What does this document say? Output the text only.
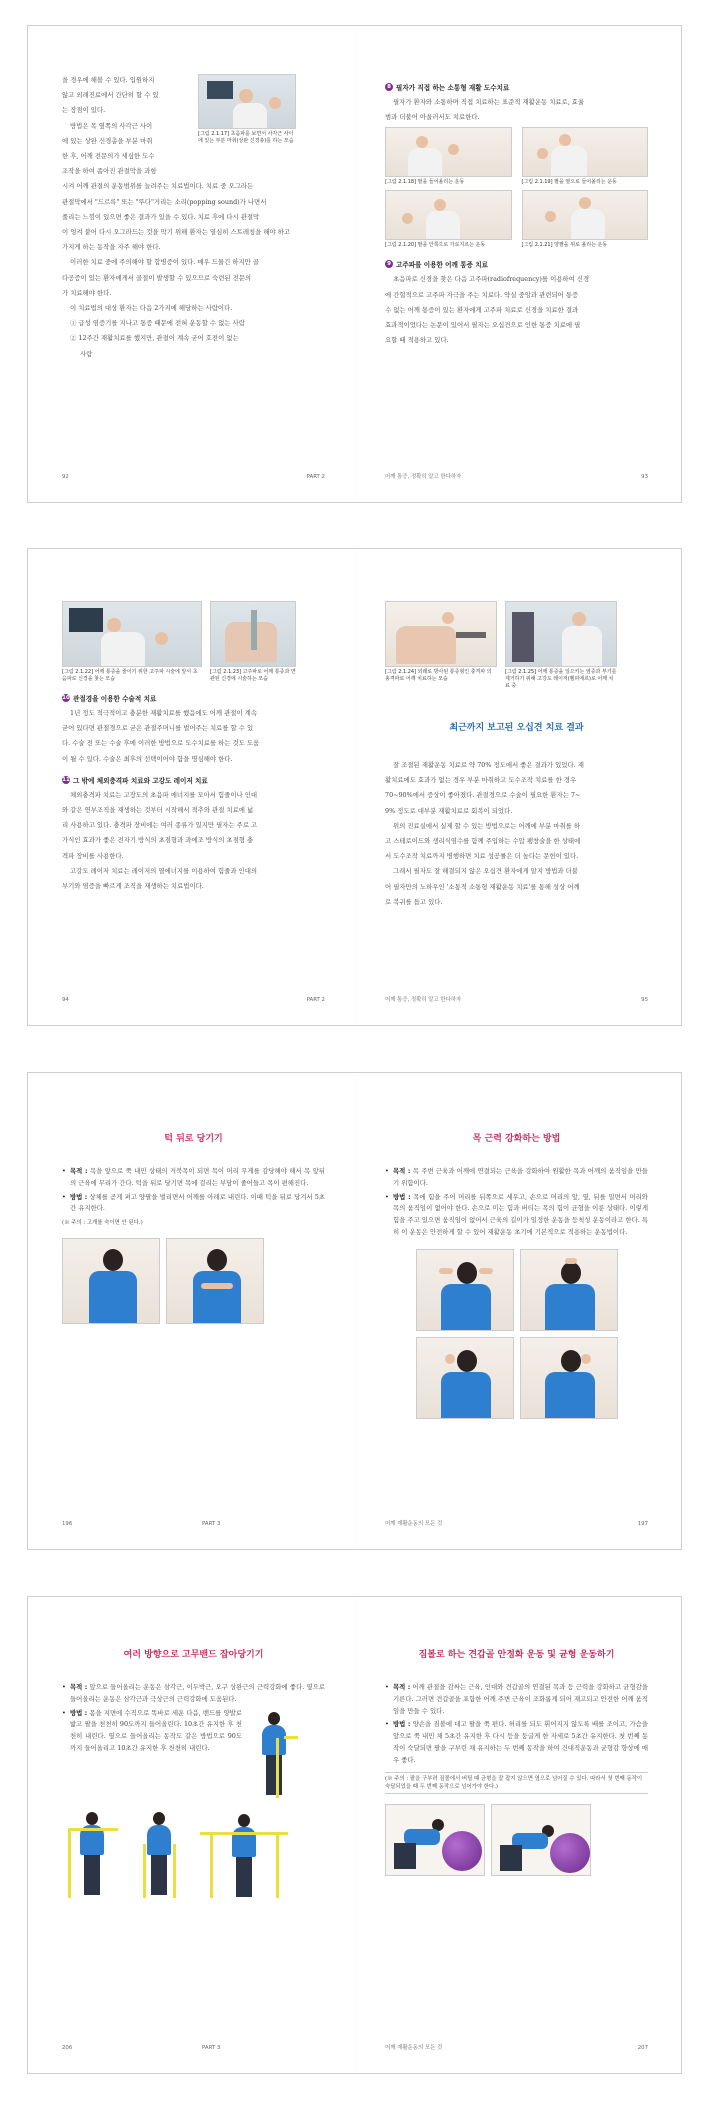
을 경우에 해볼 수 있다. 입원하지

않고 외래진료에서 간단히 할 수 있

는 장점이 있다.

방법은 목 옆쪽의 사각근 사이

에 있는 상완 신경총을 부분 마취

한 후, 어깨 전문의가 세심한 도수

조작을 하여 좁아진 관절막을 과항

[그림 2.1.17] 초음파를 보면서 사각근 사이에 있는 부분 마취(상완 신경총)를 하는 모습

시켜 어깨 관절의 운동범위를 늘려주는 치료법이다. 치료 중 오그라든

관절막에서 "드르륵" 또는 "뚜다"거리는 소리(popping sound)가 나면서

풀리는 느낌이 있으면 좋은 결과가 있을 수 있다. 치료 후에 다시 관절막

이 엉켜 붙어 다시 오그라드는 것을 막기 위해 환자는 열심히 스트레칭을 해야 하고

가지게 하는 동작을 자주 해야 한다.

이러한 치료 중에 주의해야 할 합병증이 있다. 매우 드물긴 하지만 골

다공증이 있는 환자에게서 골절이 발생할 수 있으므로 숙련된 전문의

가 치료해야 한다.

이 치료법의 대상 환자는 다음 2가지에 해당하는 사람이다.

① 급성 염증기를 지나고 통증 때문에 전혀 운동할 수 없는 사람

② 12주간 재활치료를 했지만, 관절이 계속 굳어 호전이 없는

사람

92	PART 2
8 필자가 직접 하는 소통형 재활 도수치료

필자가 환자와 소통하며 직접 치료하는 표준적 재활운동 치료로, 효율

범과 더불어 아울러서도 치료한다.

[그림 2.1.18] 팔을 들어올리는 운동	[그림 2.1.19] 팔을 옆으로 들어올리는 운동
[그림 2.1.20] 팔을 안쪽으로 가로지르는 운동	[그림 2.1.21] 양팔을 위로 올리는 운동
9 고주파를 이용한 어깨 통증 치료

초음파로 신경을 찾은 다음 고주파(radiofrequency)를 이용하여 신경

에 간헐적으로 고주파 자극을 주는 치료다. 약실 중앙과 관련되어 통증

수 없는 어깨 통증이 있는 환자에게 고주파 치료로 신경을 치료한 결과

효과적이었다는 논문이 있어서 필자는 오십견으로 인한 통증 치료에 필

요할 때 적용하고 있다.

어깨 통증, 정확히 알고 한다하자	93
[그림 2.1.22] 어깨 통증을 줄이기 위한 고주파 시술에 앞서 초음파로 신경을 찾는 모습
[그림 2.1.23] 고주파로 어깨 통증과 연관된 신경에 시술하는 모습
10 관절경을 이용한 수술적 치료

1년 정도 적극적이고 충분한 재활치료를 했음에도 어깨 관절이 계속

굳어 있다면 관절경으로 굳은 관절주머니를 벌어주는 치료를 할 수 있

다. 수술 전 또는 수술 후에 이러한 방법으로 도수치료를 하는 것도 도움

이 될 수 있다. 수술은 최후의 선택이어야 함을 명심해야 한다.

11 그 밖에 체외충격파 치료와 고강도 레이저 치료

체외충격파 치료는 고장도의 초음파 에너지를 모아서 힘줄이나 인대

와 같은 연부조직을 재생하는 것부터 시작해서 적추와 관절 치료에 넓

리 사용하고 있다. 충격파 장비에는 여러 종류가 있지만 필자는 주로 고

가식인 효과가 좋은 전자기 방식의 초점형과 과에조 방식의 초점형 충

격파 장비를 사용한다.

고강도 레이저 치료는 레이저의 열에너지를 이용하여 힘줄과 인대의

부기와 염증을 빠르게 조직을 재생하는 치료법이다.

94	PART 2
[그림 2.1.24] 외래로 방사된 통증형인 충격파 의 총격파로 어깨 치료하는 모습
[그림 2.1.25] 어깨 통증을 일으키는 염증과 부기를 제거하기 위해 고강도 레이저(벨피에르)로 어깨 치료 중
최근까지 보고된 오십견 치료 결과

잘 조절된 재활운동 치료로 약 70% 정도에서 좋은 결과가 있었다. 재

활치료에도 효과가 없는 경우 부분 마취하고 도수조작 치료를 한 경우

70~90%에서 증상이 좋아졌다. 관절경으로 수술이 필요한 환자는 7~

9% 정도로 대부분 재활치료로 회복이 되었다.

위의 진료실에서 실제 할 수 있는 방법으로는 어깨에 부분 마취를 하

고 스테로이드와 생리식염수를 함께 주입하는 수압 팽창술을 한 상태에

서 도수조작 치료까지 병행하면 치료 성공률은 더 높다는 문헌이 있다.

그래서 필자도 잘 해결되지 않은 오십견 환자에게 알지 방법과 더불

어 필자만의 노하우인 '소통적 소통형 재활운동 치료'를 통해 성상 어깨

로 복귀를 돕고 있다.

어깨 통증, 정확히 알고 한다하자	95
턱 뒤로 당기기
• 목적 : 목을 앞으로 쭉 내민 상태의 거북목이 되면 목이 머리 무게를 감당해야 해서 목 앞뒤의 근육에 무리가 간다. 턱을 뒤로 당기면 목에 걸리는 부담이 줄어들고 목이 편해진다.
• 방법 : 상체를 곧게 펴고 양팔을 벌리면서 어깨를 아래로 내린다. 이때 턱을 뒤로 당겨서 5초간 유지한다.
(※ 주의 : 고개를 숙이면 안 된다.)
196	PART 3
목 근력 강화하는 방법
• 목적 : 목 주변 근육과 어깨에 연결되는 근육을 강화하여 원활한 목과 어깨의 움직임을 만들기 위함이다.
• 방법 : 목에 힘을 주어 머리를 뒤쪽으로 세우고, 손으로 머리의 앞, 옆, 뒤를 밀면서 머리와 목의 움직임이 없어야 한다. 손으로 미는 힘과 버티는 목의 힘이 균형을 이룬 상태다. 이렇게 힘을 주고 있으면 움직임이 없어서 근육의 길이가 일정한 운동을 등척성 운동이라고 한다. 특히 이 운동은 안전하게 할 수 있어 재활운동 초기에 기본적으로 적용하는 운동법이다.
어깨 재활운동의 모든 것	197
여러 방향으로 고무밴드 잡아당기기
• 목적 : 앞으로 들어올리는 운동은 삼각근, 이두박근, 오구 상완근의 근력강화에 좋다. 옆으로 들어올리는 운동은 삼각근과 극상근의 근력강화에 도움된다.
• 방법 : 몸을 지면에 수직으로 똑바로 세운 다음, 밴드를 양발로 밟고 팔을 천천히 90도까지 들어올린다. 10초간 유지한 후 천천히 내린다. 옆으로 들어올리는 동작도 같은 방법으로 90도까지 들어올리고 10초간 유지한 후 천천히 내린다.
206	PART 3
짐볼로 하는 견갑골 안정화 운동 및 균형 운동하기
• 목적 : 어깨 관절을 감싸는 근육, 인대와 견갑골의 연결된 목과 등 근력을 강화하고 균형감을 기른다. 그러면 견갑골을 포함한 어깨 주변 근육이 조화롭게 되어 재고되고 안전한 어깨 움직임을 만들 수 있다.
• 방법 : 양손을 짐볼에 대고 팔을 쭉 편다. 허리를 되도 휘어지지 않도록 배를 조이고, 가슴을 앞으로 쭉 내민 채 5초간 유지한 후 다시 등을 둥글게 한 자세로 5초간 유지한다. 첫 번째 동작이 숙달되면 팔을 구부린 채 유지하는 두 번째 동작을 하여 건대직운동과 균형감 향상에 매우 좋다.
(※ 주의 : 팔을 구부려 짐볼에서 버틸 때 균형을 잘 잡지 않으면 옆으로 넘어질 수 있다. 따라서 첫 번째 동작이 숙달되었을 때 두 번째 동작으로 넘어가야 한다.)
어깨 재활운동의 모든 것	207
